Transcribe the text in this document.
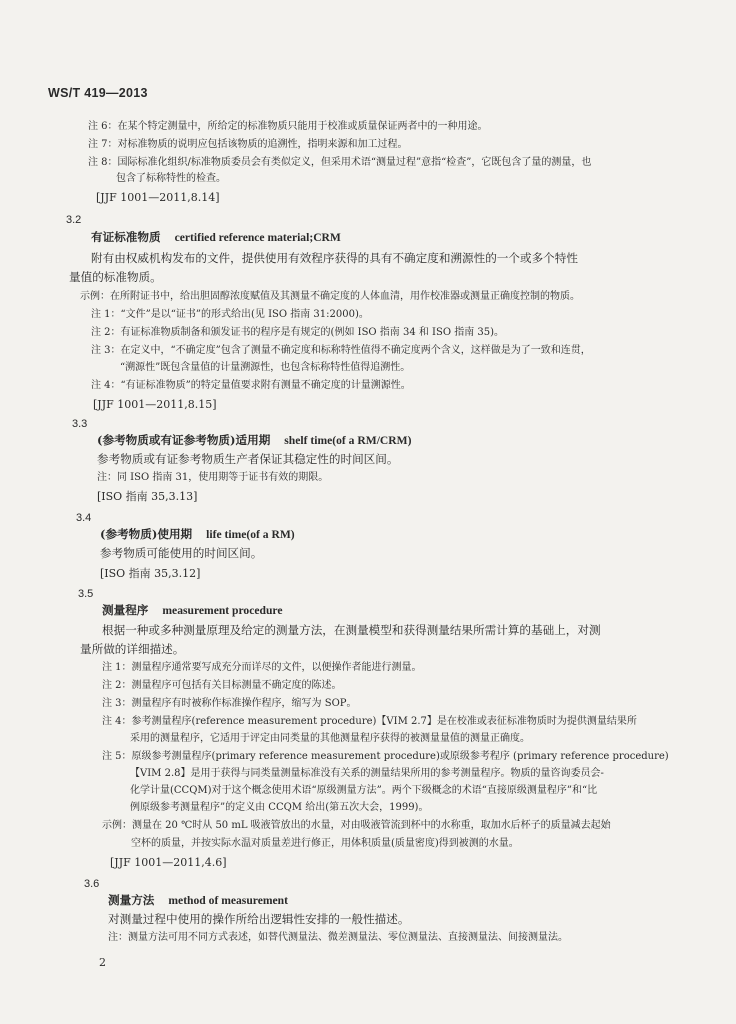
WS/T 419—2013
注 6：在某个特定测量中，所给定的标准物质只能用于校准或质量保证两者中的一种用途。
注 7：对标准物质的说明应包括该物质的追溯性，指明来源和加工过程。
注 8：国际标准化组织/标准物质委员会有类似定义，但采用术语“测量过程”意指“检查”，它既包含了量的测量，也
包含了标称特性的检查。
[JJF 1001—2011,8.14]
3.2
有证标准物质 certified reference material;CRM
附有由权威机构发布的文件，提供使用有效程序获得的具有不确定度和溯源性的一个或多个特性
量值的标准物质。
示例：在所附证书中，给出胆固醇浓度赋值及其测量不确定度的人体血清，用作校准器或测量正确度控制的物质。
注 1：“文件”是以“证书”的形式给出(见 ISO 指南 31:2000)。
注 2：有证标准物质制备和颁发证书的程序是有规定的(例如 ISO 指南 34 和 ISO 指南 35)。
注 3：在定义中，“不确定度”包含了测量不确定度和标称特性值得不确定度两个含义，这样做是为了一致和连贯，
“溯源性”既包含量值的计量溯源性，也包含标称特性值得追溯性。
注 4：“有证标准物质”的特定量值要求附有测量不确定度的计量溯源性。
[JJF 1001—2011,8.15]
3.3
(参考物质或有证参考物质)适用期 shelf time(of a RM/CRM)
参考物质或有证参考物质生产者保证其稳定性的时间区间。
注：同 ISO 指南 31，使用期等于证书有效的期限。
[ISO 指南 35,3.13]
3.4
(参考物质)使用期 life time(of a RM)
参考物质可能使用的时间区间。
[ISO 指南 35,3.12]
3.5
测量程序 measurement procedure
根据一种或多种测量原理及给定的测量方法，在测量模型和获得测量结果所需计算的基础上，对测
量所做的详细描述。
注 1：测量程序通常要写成充分而详尽的文件，以便操作者能进行测量。
注 2：测量程序可包括有关目标测量不确定度的陈述。
注 3：测量程序有时被称作标准操作程序，缩写为 SOP。
注 4：参考测量程序(reference measurement procedure)【VIM 2.7】是在校准或表征标准物质时为提供测量结果所
采用的测量程序，它适用于评定由同类量的其他测量程序获得的被测量量值的测量正确度。
注 5：原级参考测量程序(primary reference measurement procedure)或原级参考程序 (primary reference procedure)
【VIM 2.8】是用于获得与同类量测量标准没有关系的测量结果所用的参考测量程序。物质的量咨询委员会-
化学计量(CCQM)对于这个概念使用术语“原级测量方法”。两个下级概念的术语“直接原级测量程序”和“比
例原级参考测量程序”的定义由 CCQM 给出(第五次大会，1999)。
示例：测量在 20 ℃时从 50 mL 吸液管放出的水量，对由吸液管流到杯中的水称重，取加水后杯子的质量减去起始
空杯的质量，并按实际水温对质量差进行修正，用体积质量(质量密度)得到被测的水量。
[JJF 1001—2011,4.6]
3.6
测量方法 method of measurement
对测量过程中使用的操作所给出逻辑性安排的一般性描述。
注：测量方法可用不同方式表述，如替代测量法、微差测量法、零位测量法、直接测量法、间接测量法。
2
